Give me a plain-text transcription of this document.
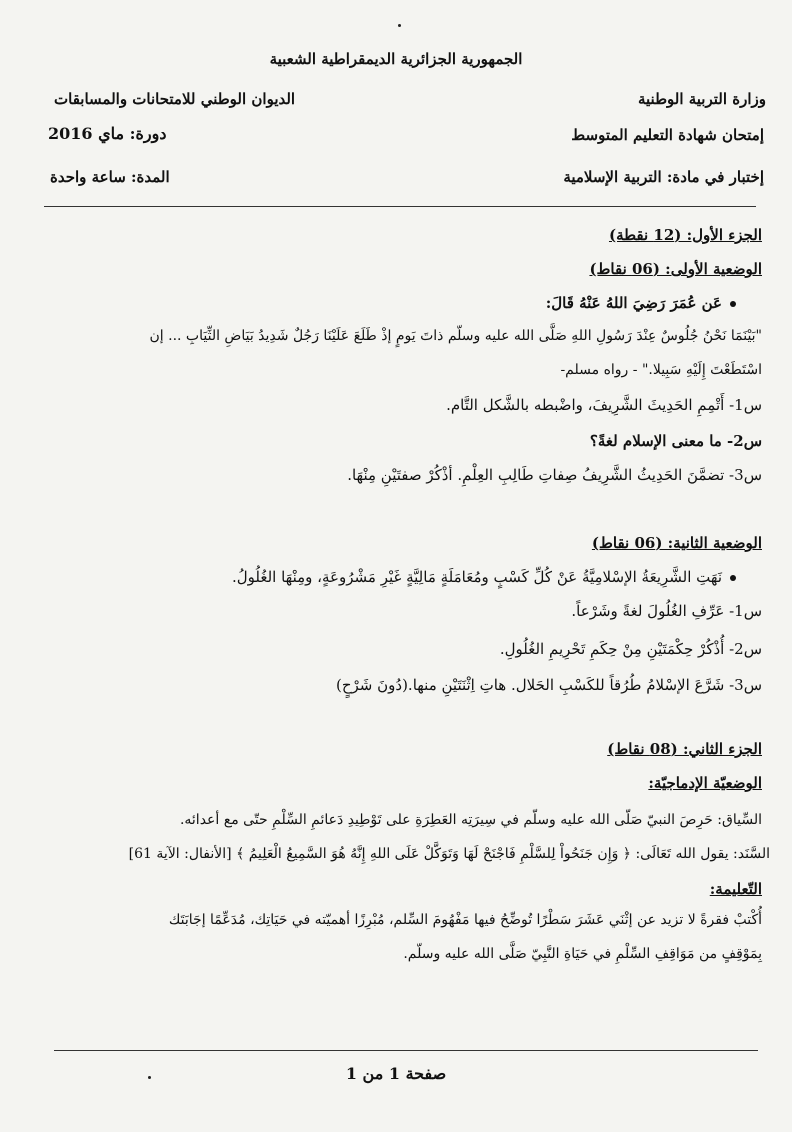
الجمهورية الجزائرية الديمقراطية الشعبية
وزارة التربية الوطنية
الديوان الوطني للامتحانات والمسابقات
إمتحان شهادة التعليم المتوسط
دورة: ماي 2016
إختبار في مادة: التربية الإسلامية
المدة: ساعة واحدة
الجزء الأول: (12 نقطة)
الوضعية الأولى: (06 نقاط)
عَن عُمَرَ رَضِيَ اللهُ عَنْهُ قَالَ:
"بَيْنَمَا نَحْنُ جُلُوسٌ عِنْدَ رَسُولِ اللهِ صَلَّى الله عليه وسلّم ذاتَ يَومٍ إذْ طَلَعَ عَلَيْنَا رَجُلٌ شَدِيدُ بَيَاضِ الثِّيَابِ ... إن
اسْتَطَعْتَ إِلَيْهِ سَبِيلا." - رواه مسلم-
س1- أَتْمِمِ الحَدِيثَ الشَّرِيفَ، واضْبطه بالشَّكل التَّام.
س2- ما معنى الإسلام لغةً؟
س3- تضمَّنَ الحَدِيثُ الشَّرِيفُ صِفاتِ طَالِبِ العِلْمِ. أذْكُرْ صفتَيْنِ مِنْهَا.
الوضعية الثانية: (06 نقاط)
نَهَتِ الشَّرِيعَةُ الإسْلامِيَّةُ عَنْ كُلِّ كَسْبٍ ومُعَامَلَةٍ مَالِيَّةٍ غَيْرِ مَشْرُوعَةٍ، ومِنْهَا الغُلُولُ.
س1- عَرِّفِ الغُلُولَ لغةً وشَرْعاً.
س2- أُذْكُرْ حِكْمَتَيْنِ مِنْ حِكَمِ تَحْرِيمِ الغُلُولِ.
س3- شَرَّعَ الإسْلامُ طُرُقاً للكَسْبِ الحَلال. هاتِ اِثْنَتَيْنِ منها.(دُونَ شَرْحٍ)
الجزء الثاني: (08 نقاط)
الوضعيّة الإدماجيّة:
السِّياق: حَرِصَ النبيّ صَلّى الله عليه وسلّم في سِيرَتِه العَطِرَةِ على تَوْطِيدِ دَعائمِ السِّلْمِ حتّى مع أعدائه.
السَّنَد: يقول الله تَعَالَى: ﴿ وَإِن جَنَحُواْ لِلسَّلْمِ فَاجْنَحْ لَهَا وَتَوَكَّلْ عَلَى اللهِ إِنَّهُ هُوَ السَّمِيعُ الْعَلِيمُ ﴾ [الأنفال: الآية 61]
التّعليمة:
أُكْتبْ فقرةً لا تزيد عن إثْنَي عَشَرَ سَطْرًا تُوضِّحُ فيها مَفْهُومَ السِّلم، مُبْرِزًا أهميّته في حَيَاتِك، مُدَعِّمًا إجَابَتَك
بِمَوْقِفٍ من مَوَاقِفِ السِّلْمِ في حَيَاةِ النَّبِيّ صَلَّى الله عليه وسلّم.
صفحة 1 من 1
